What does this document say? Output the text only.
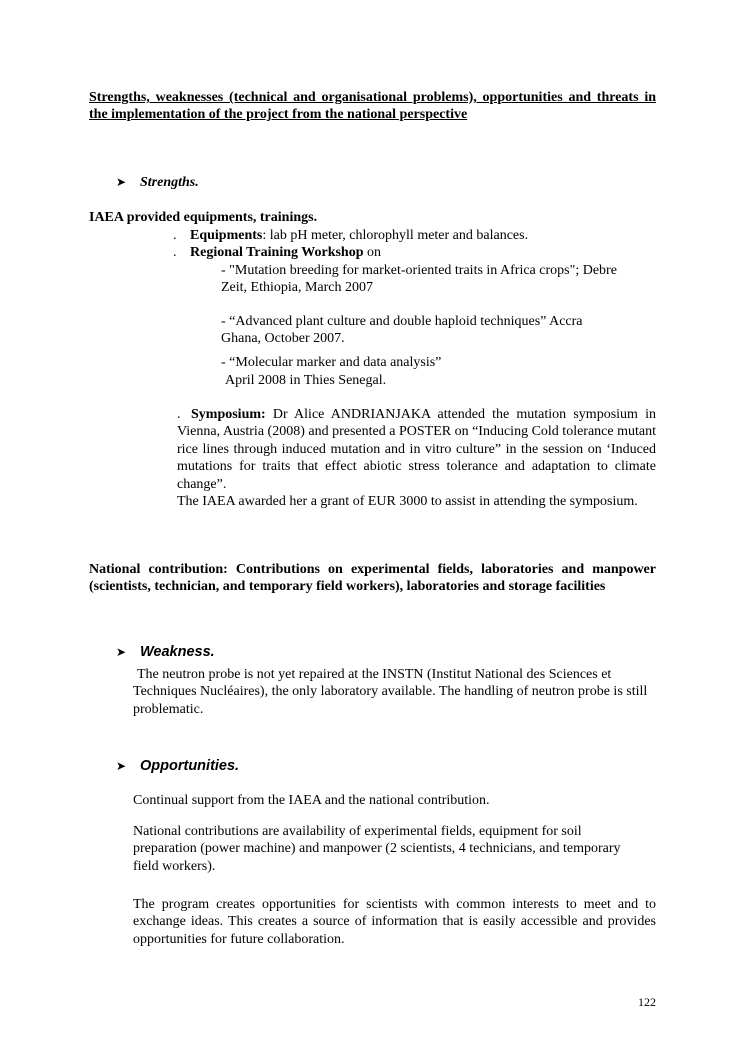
Strengths, weaknesses (technical and organisational problems), opportunities and threats in the implementation of the project from the national perspective
➤ Strengths.
IAEA provided equipments, trainings.
. Equipments: lab pH meter, chlorophyll meter and balances.
. Regional Training Workshop on
- "Mutation breeding for market-oriented traits in Africa crops"; Debre Zeit, Ethiopia, March 2007
- “Advanced plant culture and double haploid techniques” Accra Ghana, October 2007.
- “Molecular marker and data analysis”
April 2008 in Thies Senegal.
. Symposium: Dr Alice ANDRIANJAKA attended the mutation symposium in Vienna, Austria (2008) and presented a POSTER on “Inducing Cold tolerance mutant rice lines through induced mutation and in vitro culture” in the session on ‘Induced mutations for traits that effect abiotic stress tolerance and adaptation to climate change”.
The IAEA awarded her a grant of EUR 3000 to assist in attending the symposium.
National contribution: Contributions on experimental fields, laboratories and manpower (scientists, technician, and temporary field workers), laboratories and storage facilities
➤ Weakness.
The neutron probe is not yet repaired at the INSTN (Institut National des Sciences et Techniques Nucléaires), the only laboratory available. The handling of neutron probe is still problematic.
➤ Opportunities.
Continual support from the IAEA and the national contribution.
National contributions are availability of experimental fields, equipment for soil preparation (power machine) and manpower (2 scientists, 4 technicians, and temporary field workers).
The program creates opportunities for scientists with common interests to meet and to exchange ideas. This creates a source of information that is easily accessible and provides opportunities for future collaboration.
122
